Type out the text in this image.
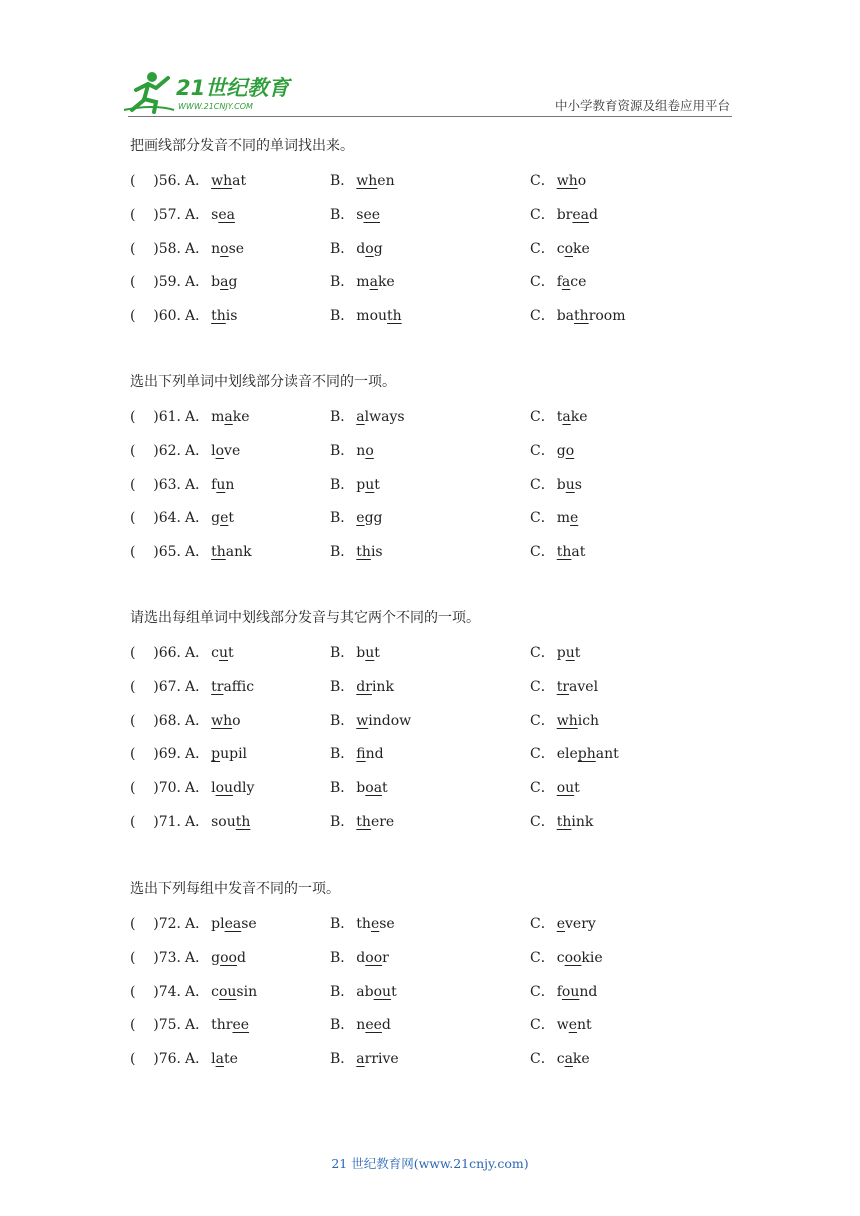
21世纪教育
WWW.21CNJY.COM	中小学教育资源及组卷应用平台
把画线部分发音不同的单词找出来。
(    )56．
A． what	B． when	C． who
(    )57．
A． sea	B． see	C． bread
(    )58．
A． nose	B． dog	C． coke
(    )59．
A． bag	B． make	C． face
(    )60．
A． this	B． mouth	C． bathroom
选出下列单词中划线部分读音不同的一项。
(    )61．
A． make	B． always	C． take
(    )62．
A． love	B． no	C． go
(    )63．
A． fun	B． put	C． bus
(    )64．
A． get	B． egg	C． me
(    )65．
A． thank	B． this	C． that
请选出每组单词中划线部分发音与其它两个不同的一项。
(    )66．
A． cut	B． but	C． put
(    )67．
A． traffic	B． drink	C． travel
(    )68．
A． who	B． window	C． which
(    )69．
A． pupil	B． find	C． elephant
(    )70．
A． loudly	B． boat	C． out
(    )71．
A． south	B． there	C． think
选出下列每组中发音不同的一项。
(    )72．
A． please	B． these	C． every
(    )73．
A． good	B． door	C． cookie
(    )74．
A． cousin	B． about	C． found
(    )75．
A． three	B． need	C． went
(    )76．
A． late	B． arrive	C． cake
21 世纪教育网(www.21cnjy.com)
